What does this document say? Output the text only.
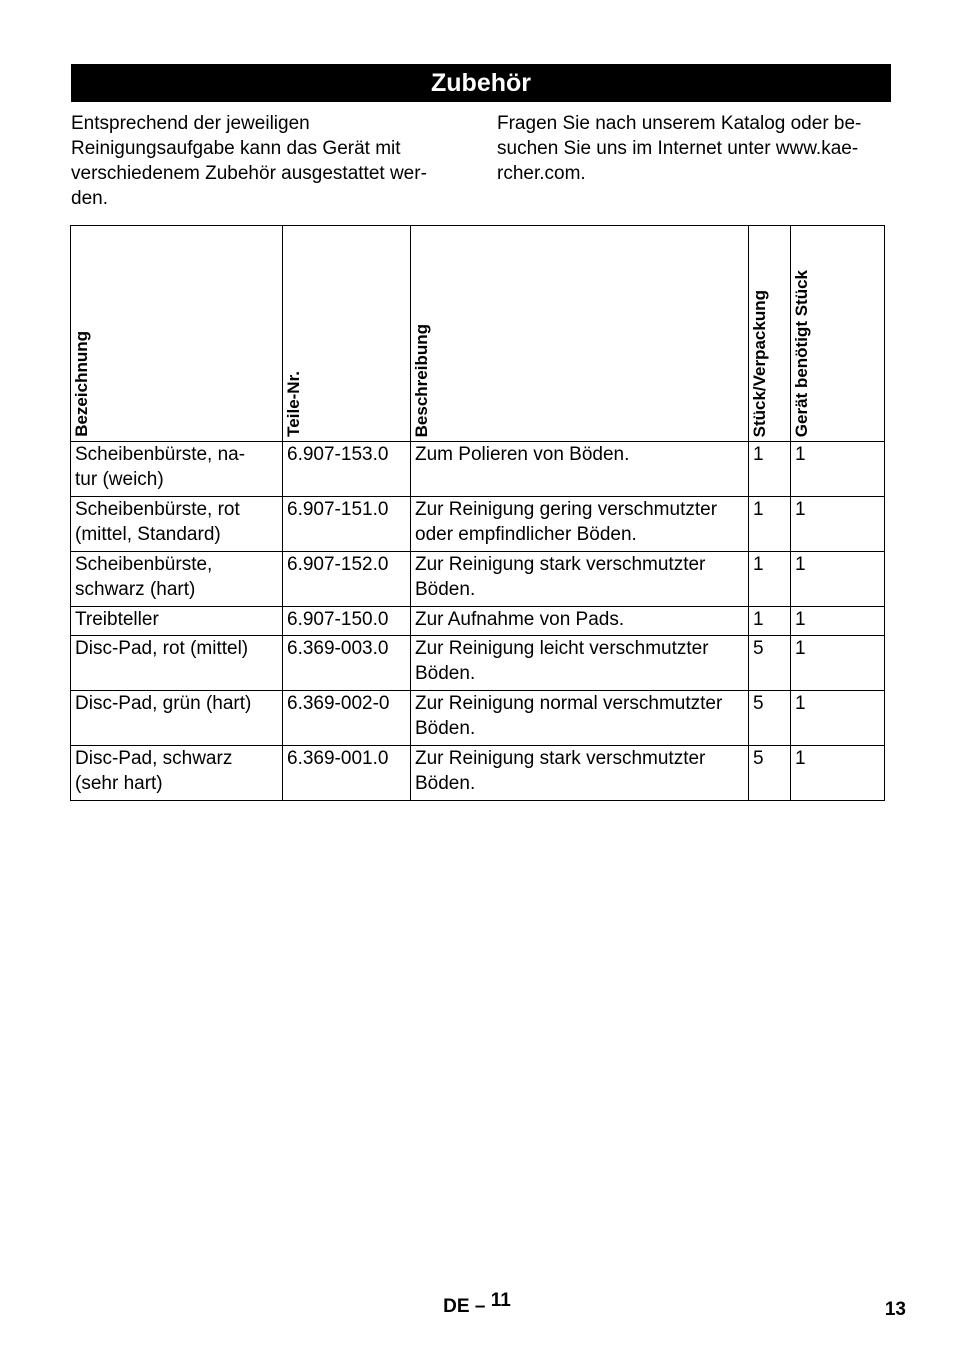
Zubehör

Entsprechend der jeweiligen

Reinigungsaufgabe kann das Gerät mit

verschiedenem Zubehör ausgestattet wer-

den.

Fragen Sie nach unserem Katalog oder be-

suchen Sie uns im Internet unter www.kae-

rcher.com.

Bezeichnung	Teile-Nr.	Beschreibung	Stück/Verpackung	Gerät benötigt Stück

Scheibenbürste, na-
tur (weich)	6.907-153.0	Zum Polieren von Böden.	1	1

Scheibenbürste, rot
(mittel, Standard)	6.907-151.0	Zur Reinigung gering verschmutzter
oder empfindlicher Böden.	1	1

Scheibenbürste,
schwarz (hart)	6.907-152.0	Zur Reinigung stark verschmutzter
Böden.	1	1

Treibteller	6.907-150.0	Zur Aufnahme von Pads.	1	1

Disc-Pad, rot (mittel)	6.369-003.0	Zur Reinigung leicht verschmutzter
Böden.	5	1

Disc-Pad, grün (hart)	6.369-002-0	Zur Reinigung normal verschmutzter
Böden.	5	1

Disc-Pad, schwarz
(sehr hart)	6.369-001.0	Zur Reinigung stark verschmutzter
Böden.	5	1
DE – 11	13
